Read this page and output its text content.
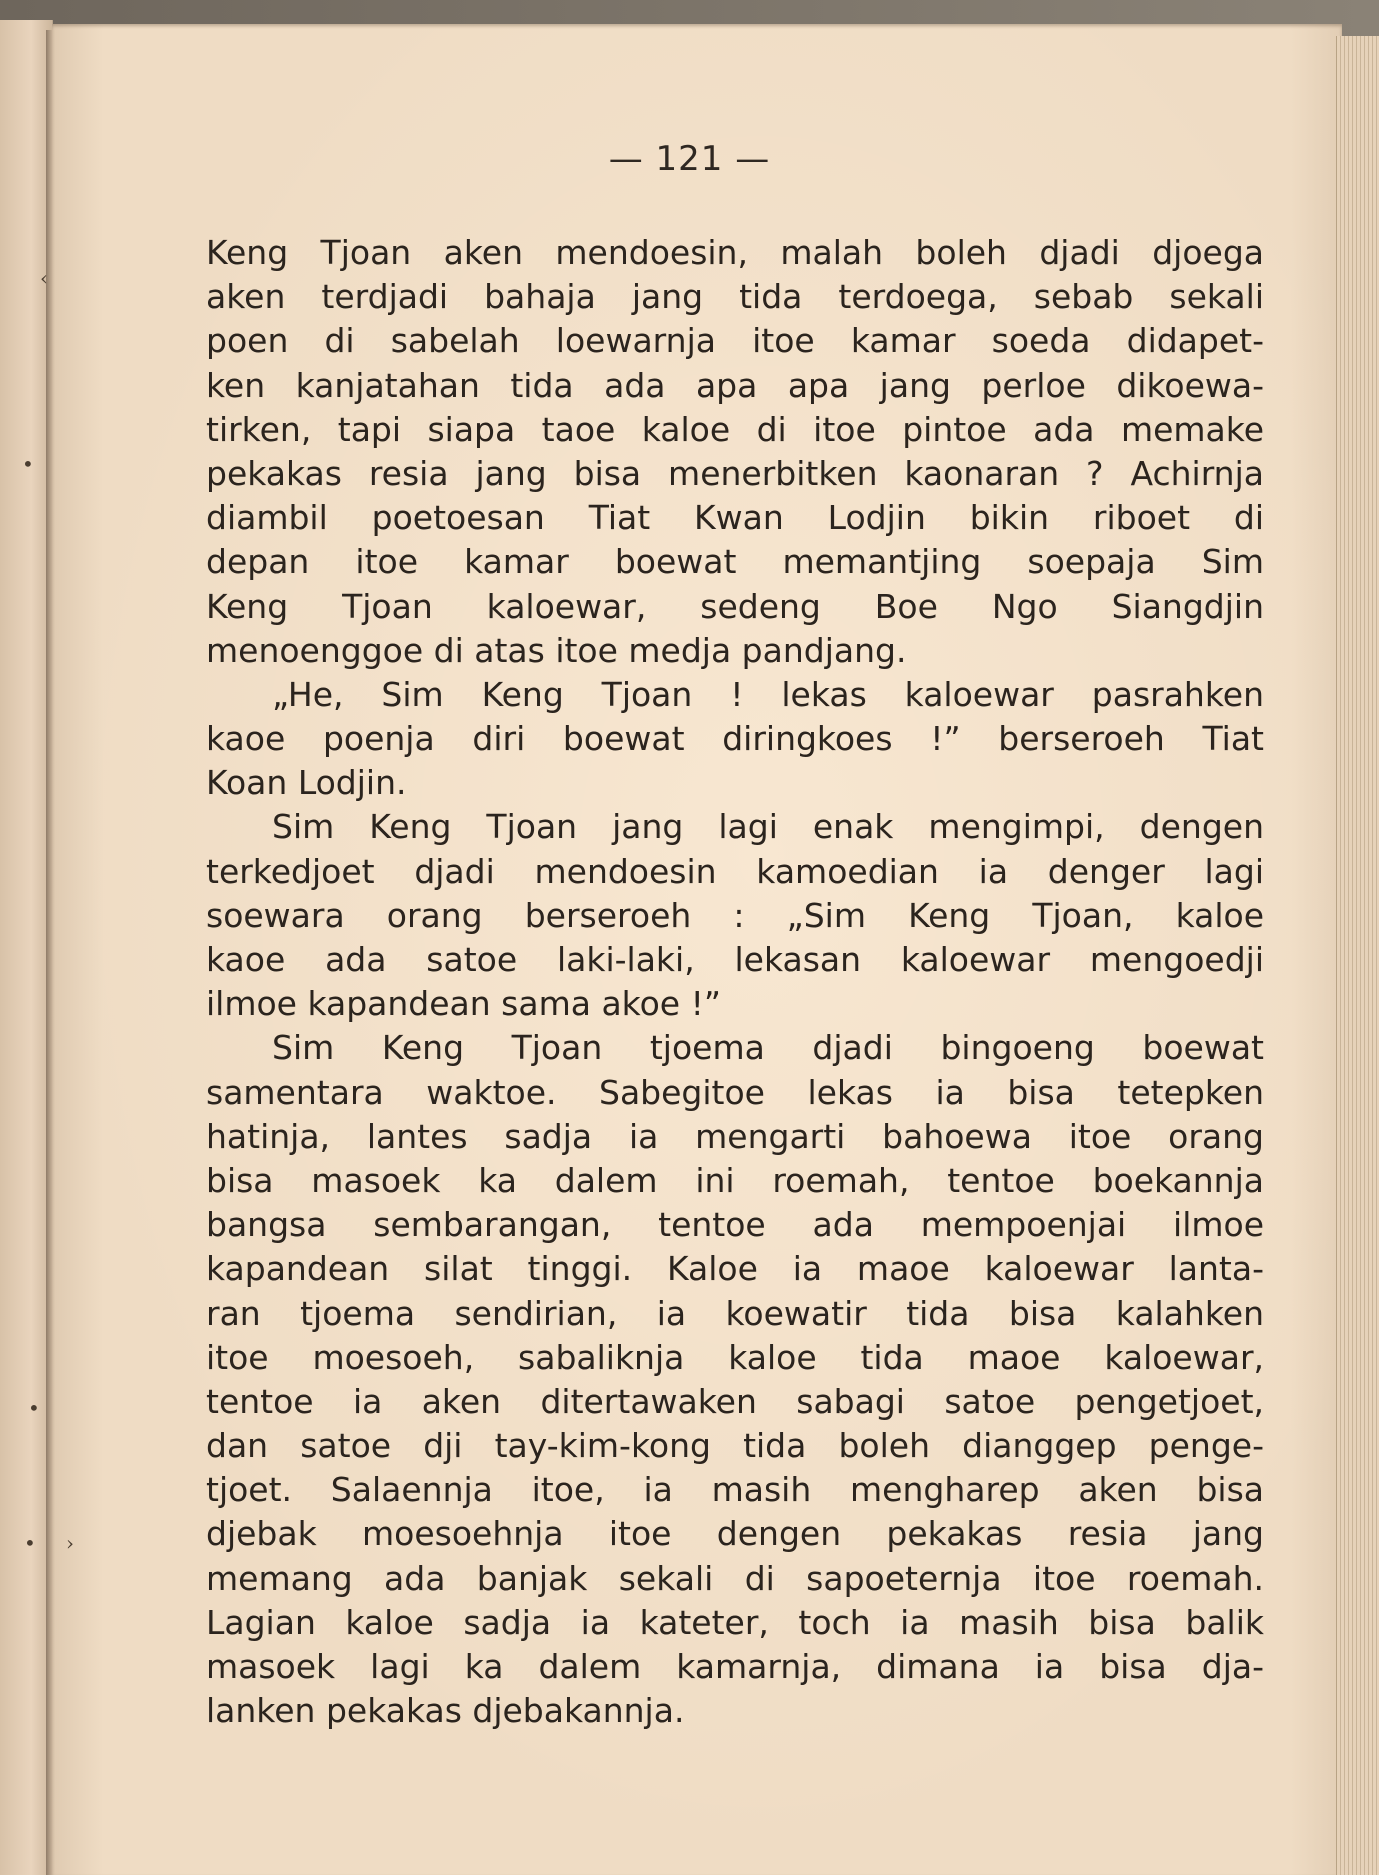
‹
•
•
• ›
— 121 —
Keng Tjoan aken mendoesin, malah boleh djadi djoega
aken terdjadi bahaja jang tida terdoega, sebab sekali
poen di sabelah loewarnja itoe kamar soeda didapet-
ken kanjatahan tida ada apa apa jang perloe dikoewa-
tirken, tapi siapa taoe kaloe di itoe pintoe ada memake
pekakas resia jang bisa menerbitken kaonaran ? Achirnja
diambil poetoesan Tiat Kwan Lodjin bikin riboet di
depan itoe kamar boewat memantjing soepaja Sim
Keng Tjoan kaloewar, sedeng Boe Ngo Siangdjin
menoenggoe di atas itoe medja pandjang.
„He, Sim Keng Tjoan ! lekas kaloewar pasrahken
kaoe poenja diri boewat diringkoes !” berseroeh Tiat
Koan Lodjin.
Sim Keng Tjoan jang lagi enak mengimpi, dengen
terkedjoet djadi mendoesin kamoedian ia denger lagi
soewara orang berseroeh : „Sim Keng Tjoan, kaloe
kaoe ada satoe laki-laki, lekasan kaloewar mengoedji
ilmoe kapandean sama akoe !”
Sim Keng Tjoan tjoema djadi bingoeng boewat
samentara waktoe. Sabegitoe lekas ia bisa tetepken
hatinja, lantes sadja ia mengarti bahoewa itoe orang
bisa masoek ka dalem ini roemah, tentoe boekannja
bangsa sembarangan, tentoe ada mempoenjai ilmoe
kapandean silat tinggi. Kaloe ia maoe kaloewar lanta-
ran tjoema sendirian, ia koewatir tida bisa kalahken
itoe moesoeh, sabaliknja kaloe tida maoe kaloewar,
tentoe ia aken ditertawaken sabagi satoe pengetjoet,
dan satoe dji tay-kim-kong tida boleh dianggep penge-
tjoet. Salaennja itoe, ia masih mengharep aken bisa
djebak moesoehnja itoe dengen pekakas resia jang
memang ada banjak sekali di sapoeternja itoe roemah.
Lagian kaloe sadja ia kateter, toch ia masih bisa balik
masoek lagi ka dalem kamarnja, dimana ia bisa dja-
lanken pekakas djebakannja.
